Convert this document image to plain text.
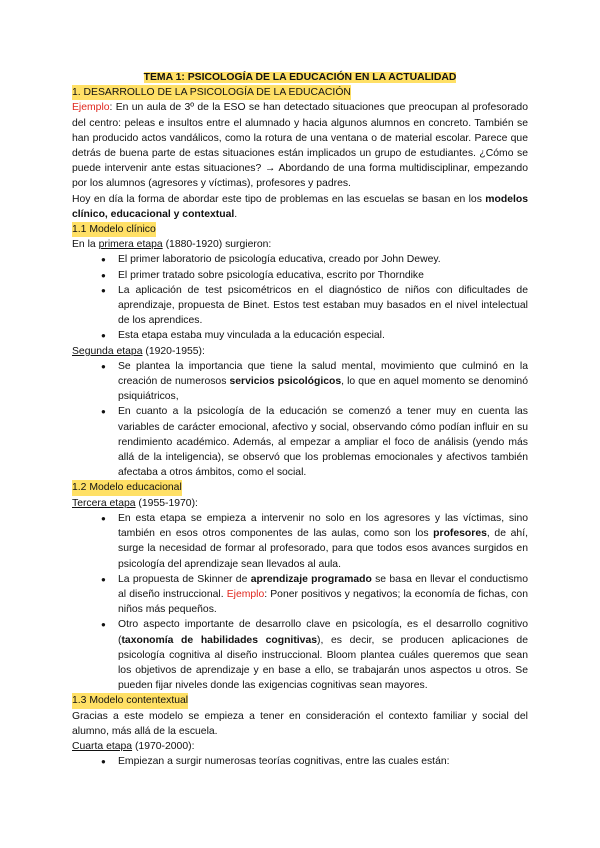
TEMA 1: PSICOLOGÍA DE LA EDUCACIÓN EN LA ACTUALIDAD

1. DESARROLLO DE LA PSICOLOGÍA DE LA EDUCACIÓN

Ejemplo: En un aula de 3º de la ESO se han detectado situaciones que preocupan al profesorado del centro: peleas e insultos entre el alumnado y hacia algunos alumnos en concreto. También se han producido actos vandálicos, como la rotura de una ventana o de material escolar. Parece que detrás de buena parte de estas situaciones están implicados un grupo de estudiantes. ¿Cómo se puede intervenir ante estas situaciones? → Abordando de una forma multidisciplinar, empezando por los alumnos (agresores y víctimas), profesores y padres.

Hoy en día la forma de abordar este tipo de problemas en las escuelas se basan en los modelos clínico, educacional y contextual.

1.1 Modelo clínico

En la primera etapa (1880-1920) surgieron:

● El primer laboratorio de psicología educativa, creado por John Dewey.
● El primer tratado sobre psicología educativa, escrito por Thorndike
● La aplicación de test psicométricos en el diagnóstico de niños con dificultades de aprendizaje, propuesta de Binet. Estos test estaban muy basados en el nivel intelectual de los aprendices.
● Esta etapa estaba muy vinculada a la educación especial.

Segunda etapa (1920-1955):

● Se plantea la importancia que tiene la salud mental, movimiento que culminó en la creación de numerosos servicios psicológicos, lo que en aquel momento se denominó psiquiátricos,
● En cuanto a la psicología de la educación se comenzó a tener muy en cuenta las variables de carácter emocional, afectivo y social, observando cómo podían influir en su rendimiento académico. Además, al empezar a ampliar el foco de análisis (yendo más allá de la inteligencia), se observó que los problemas emocionales y afectivos también afectaba a otros ámbitos, como el social.
1.2 Modelo educacional

Tercera etapa (1955-1970):

● En esta etapa se empieza a intervenir no solo en los agresores y las víctimas, sino también en esos otros componentes de las aulas, como son los profesores, de ahí, surge la necesidad de formar al profesorado, para que todos esos avances surgidos en psicología del aprendizaje sean llevados al aula.
● La propuesta de Skinner de aprendizaje programado se basa en llevar el conductismo al diseño instruccional. Ejemplo: Poner positivos y negativos; la economía de fichas, con niños más pequeños.
● Otro aspecto importante de desarrollo clave en psicología, es el desarrollo cognitivo (taxonomía de habilidades cognitivas), es decir, se producen aplicaciones de psicología cognitiva al diseño instruccional. Bloom plantea cuáles queremos que sean los objetivos de aprendizaje y en base a ello, se trabajarán unos aspectos u otros. Se pueden fijar niveles donde las exigencias cognitivas sean mayores.
1.3 Modelo contentextual

Gracias a este modelo se empieza a tener en consideración el contexto familiar y social del alumno, más allá de la escuela.

Cuarta etapa (1970-2000):

● Empiezan a surgir numerosas teorías cognitivas, entre las cuales están:
